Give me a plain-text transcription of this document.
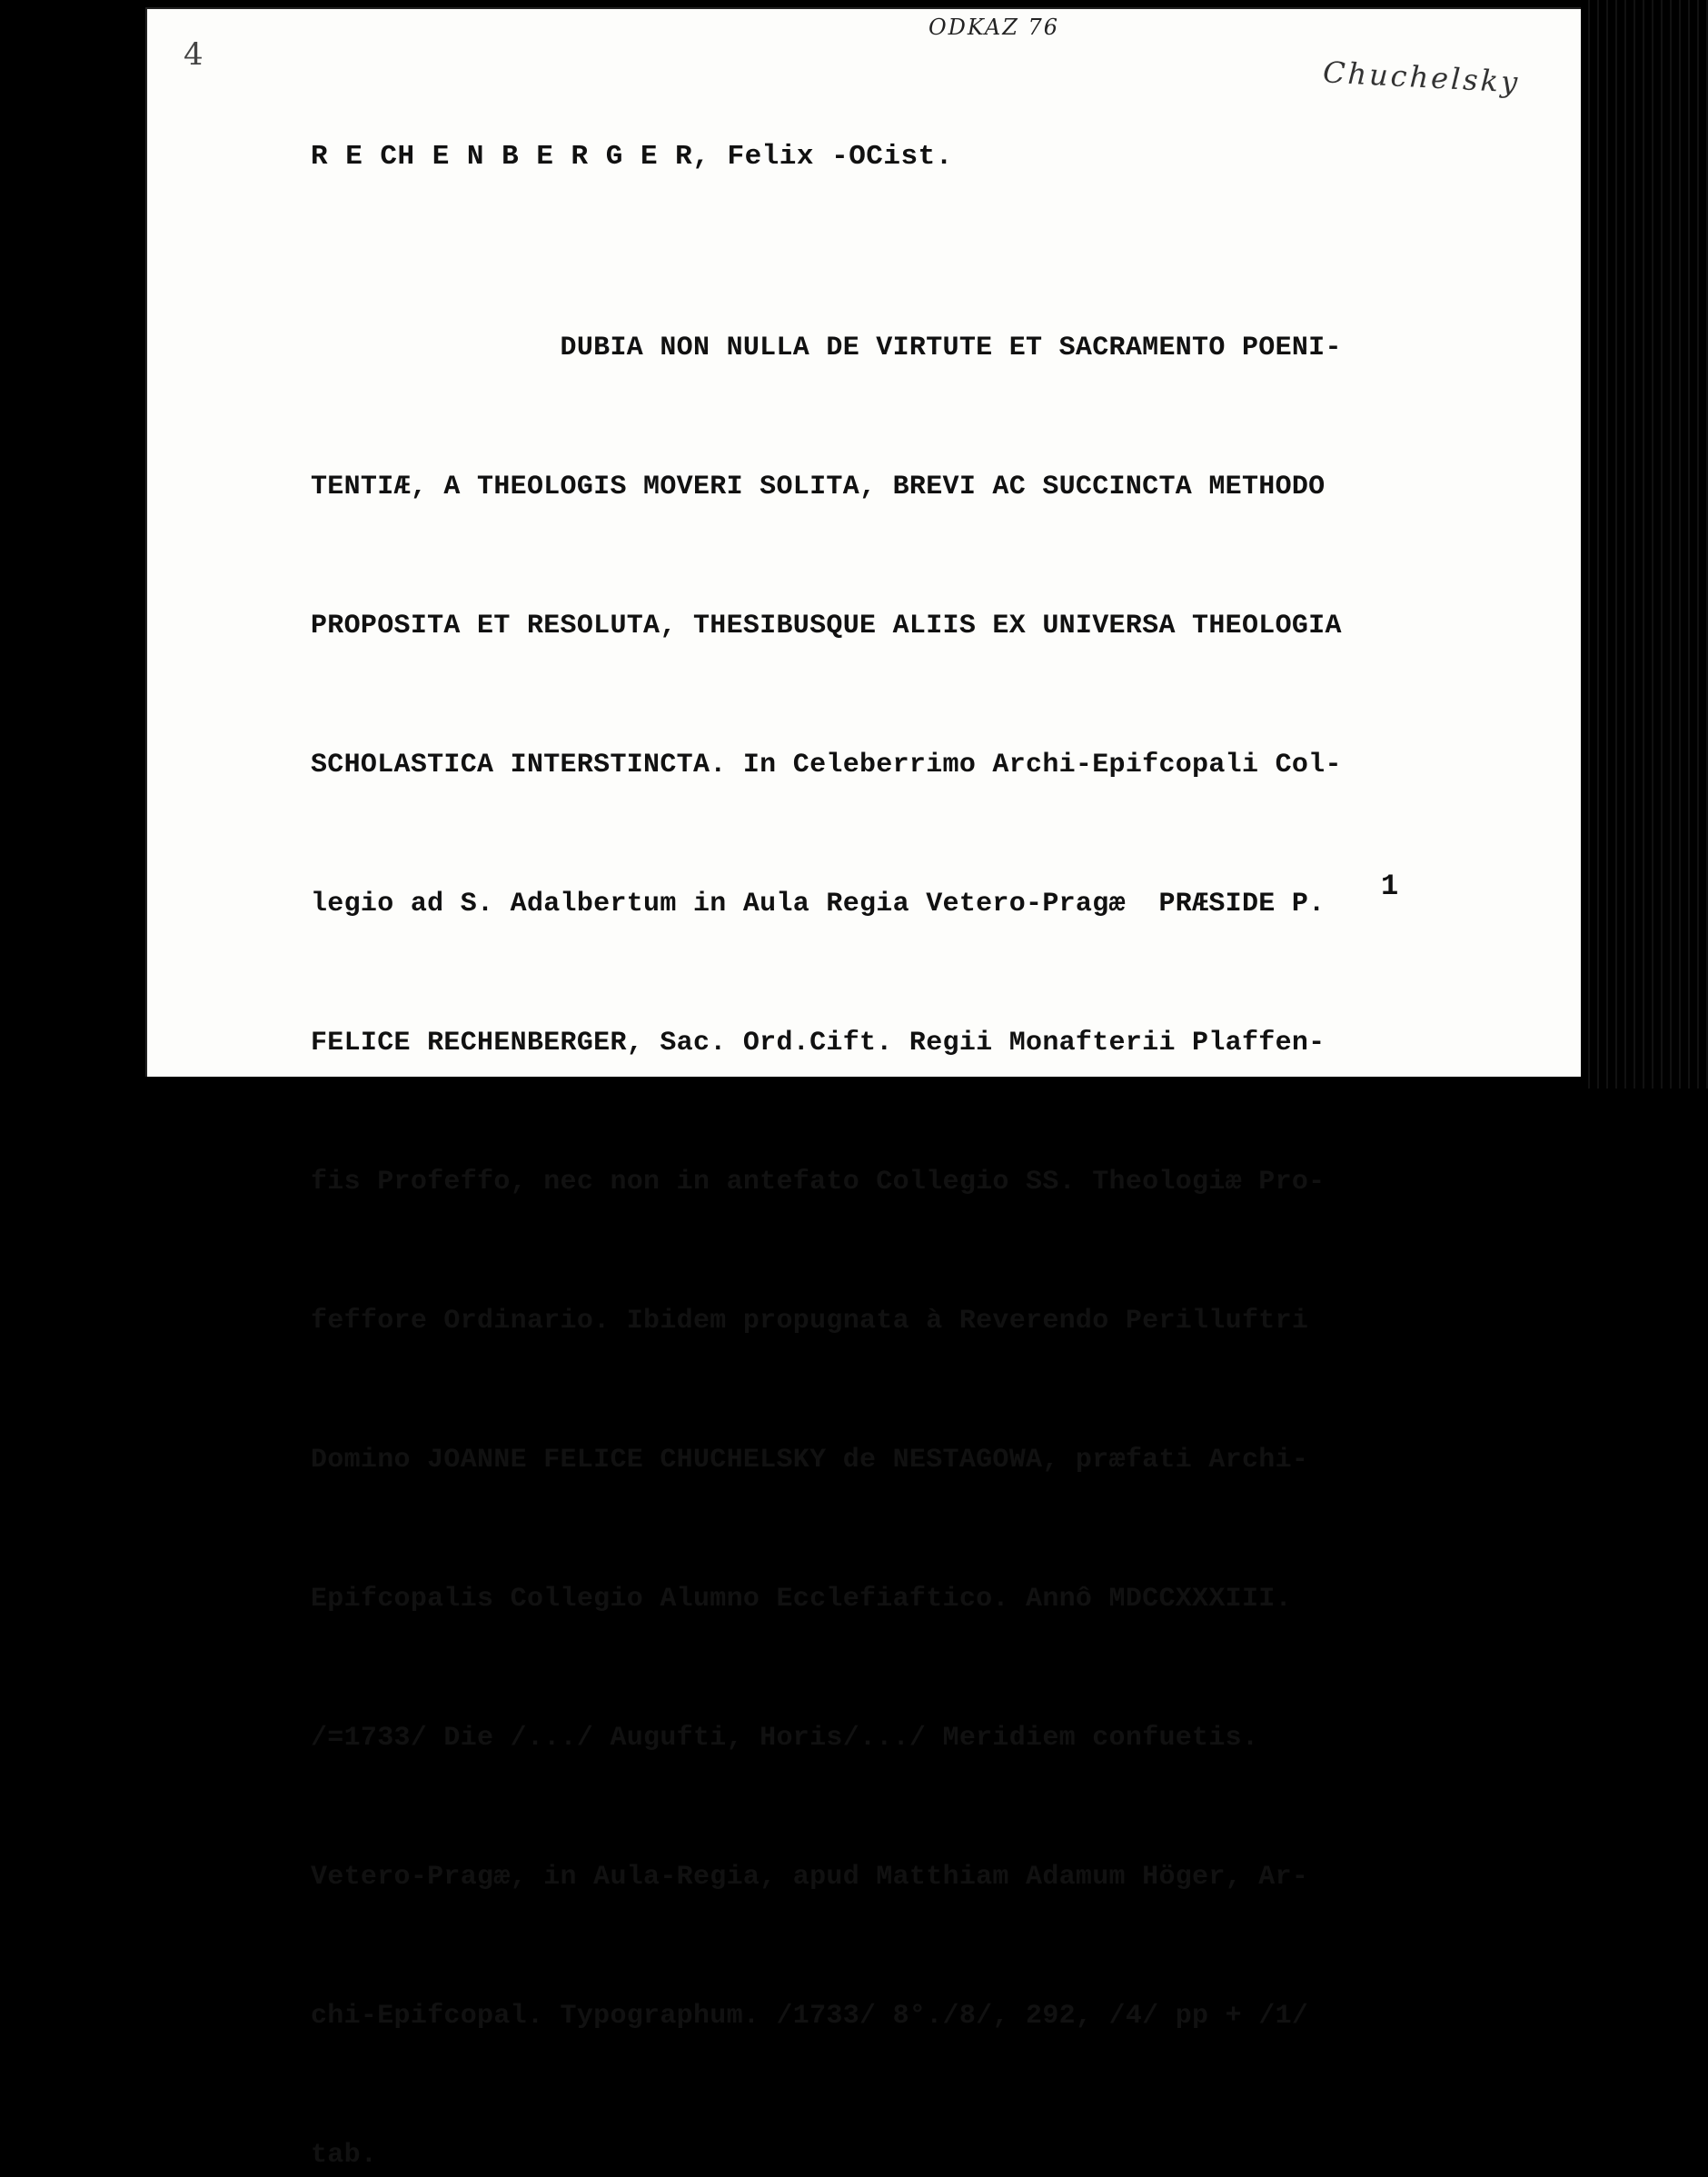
4
ODKAZ 76
Chuchelsky
R E CH E N B E R G E R, Felix -OCist.

DUBIA NON NULLA DE VIRTUTE ET SACRAMENTO POENI-

TENTIÆ, A THEOLOGIS MOVERI SOLITA, BREVI AC SUCCINCTA METHODO

PROPOSITA ET RESOLUTA, THESIBUSQUE ALIIS EX UNIVERSA THEOLOGIA

SCHOLASTICA INTERSTINCTA. In Celeberrimo Archi-Epifcopali Col-

legio ad S. Adalbertum in Aula Regia Vetero-Pragæ  PRÆSIDE P.

FELICE RECHENBERGER, Sac. Ord.Cift. Regii Monafterii Plaffen-

fis Profeffo, nec non in antefato Collegio SS. Theologiæ Pro-

feffore Ordinario. Ibidem propugnata à Reverendo Perilluftri

Domino JOANNE FELICE CHUCHELSKY de NESTAGOWA, præfati Archi-

Epifcopalis Collegio Alumno Ecclefiaftico. Annô MDCCXXXIII.

/=1733/ Die /.../ Augufti, Horis/.../ Meridiem confuetis.

Vetero-Pragæ, in Aula-Regia, apud Matthiam Adamum Höger, Ar-

chi-Epifcopal. Typographum. /1733/ 8°./8/, 292, /4/ pp + /1/

tab.

1
